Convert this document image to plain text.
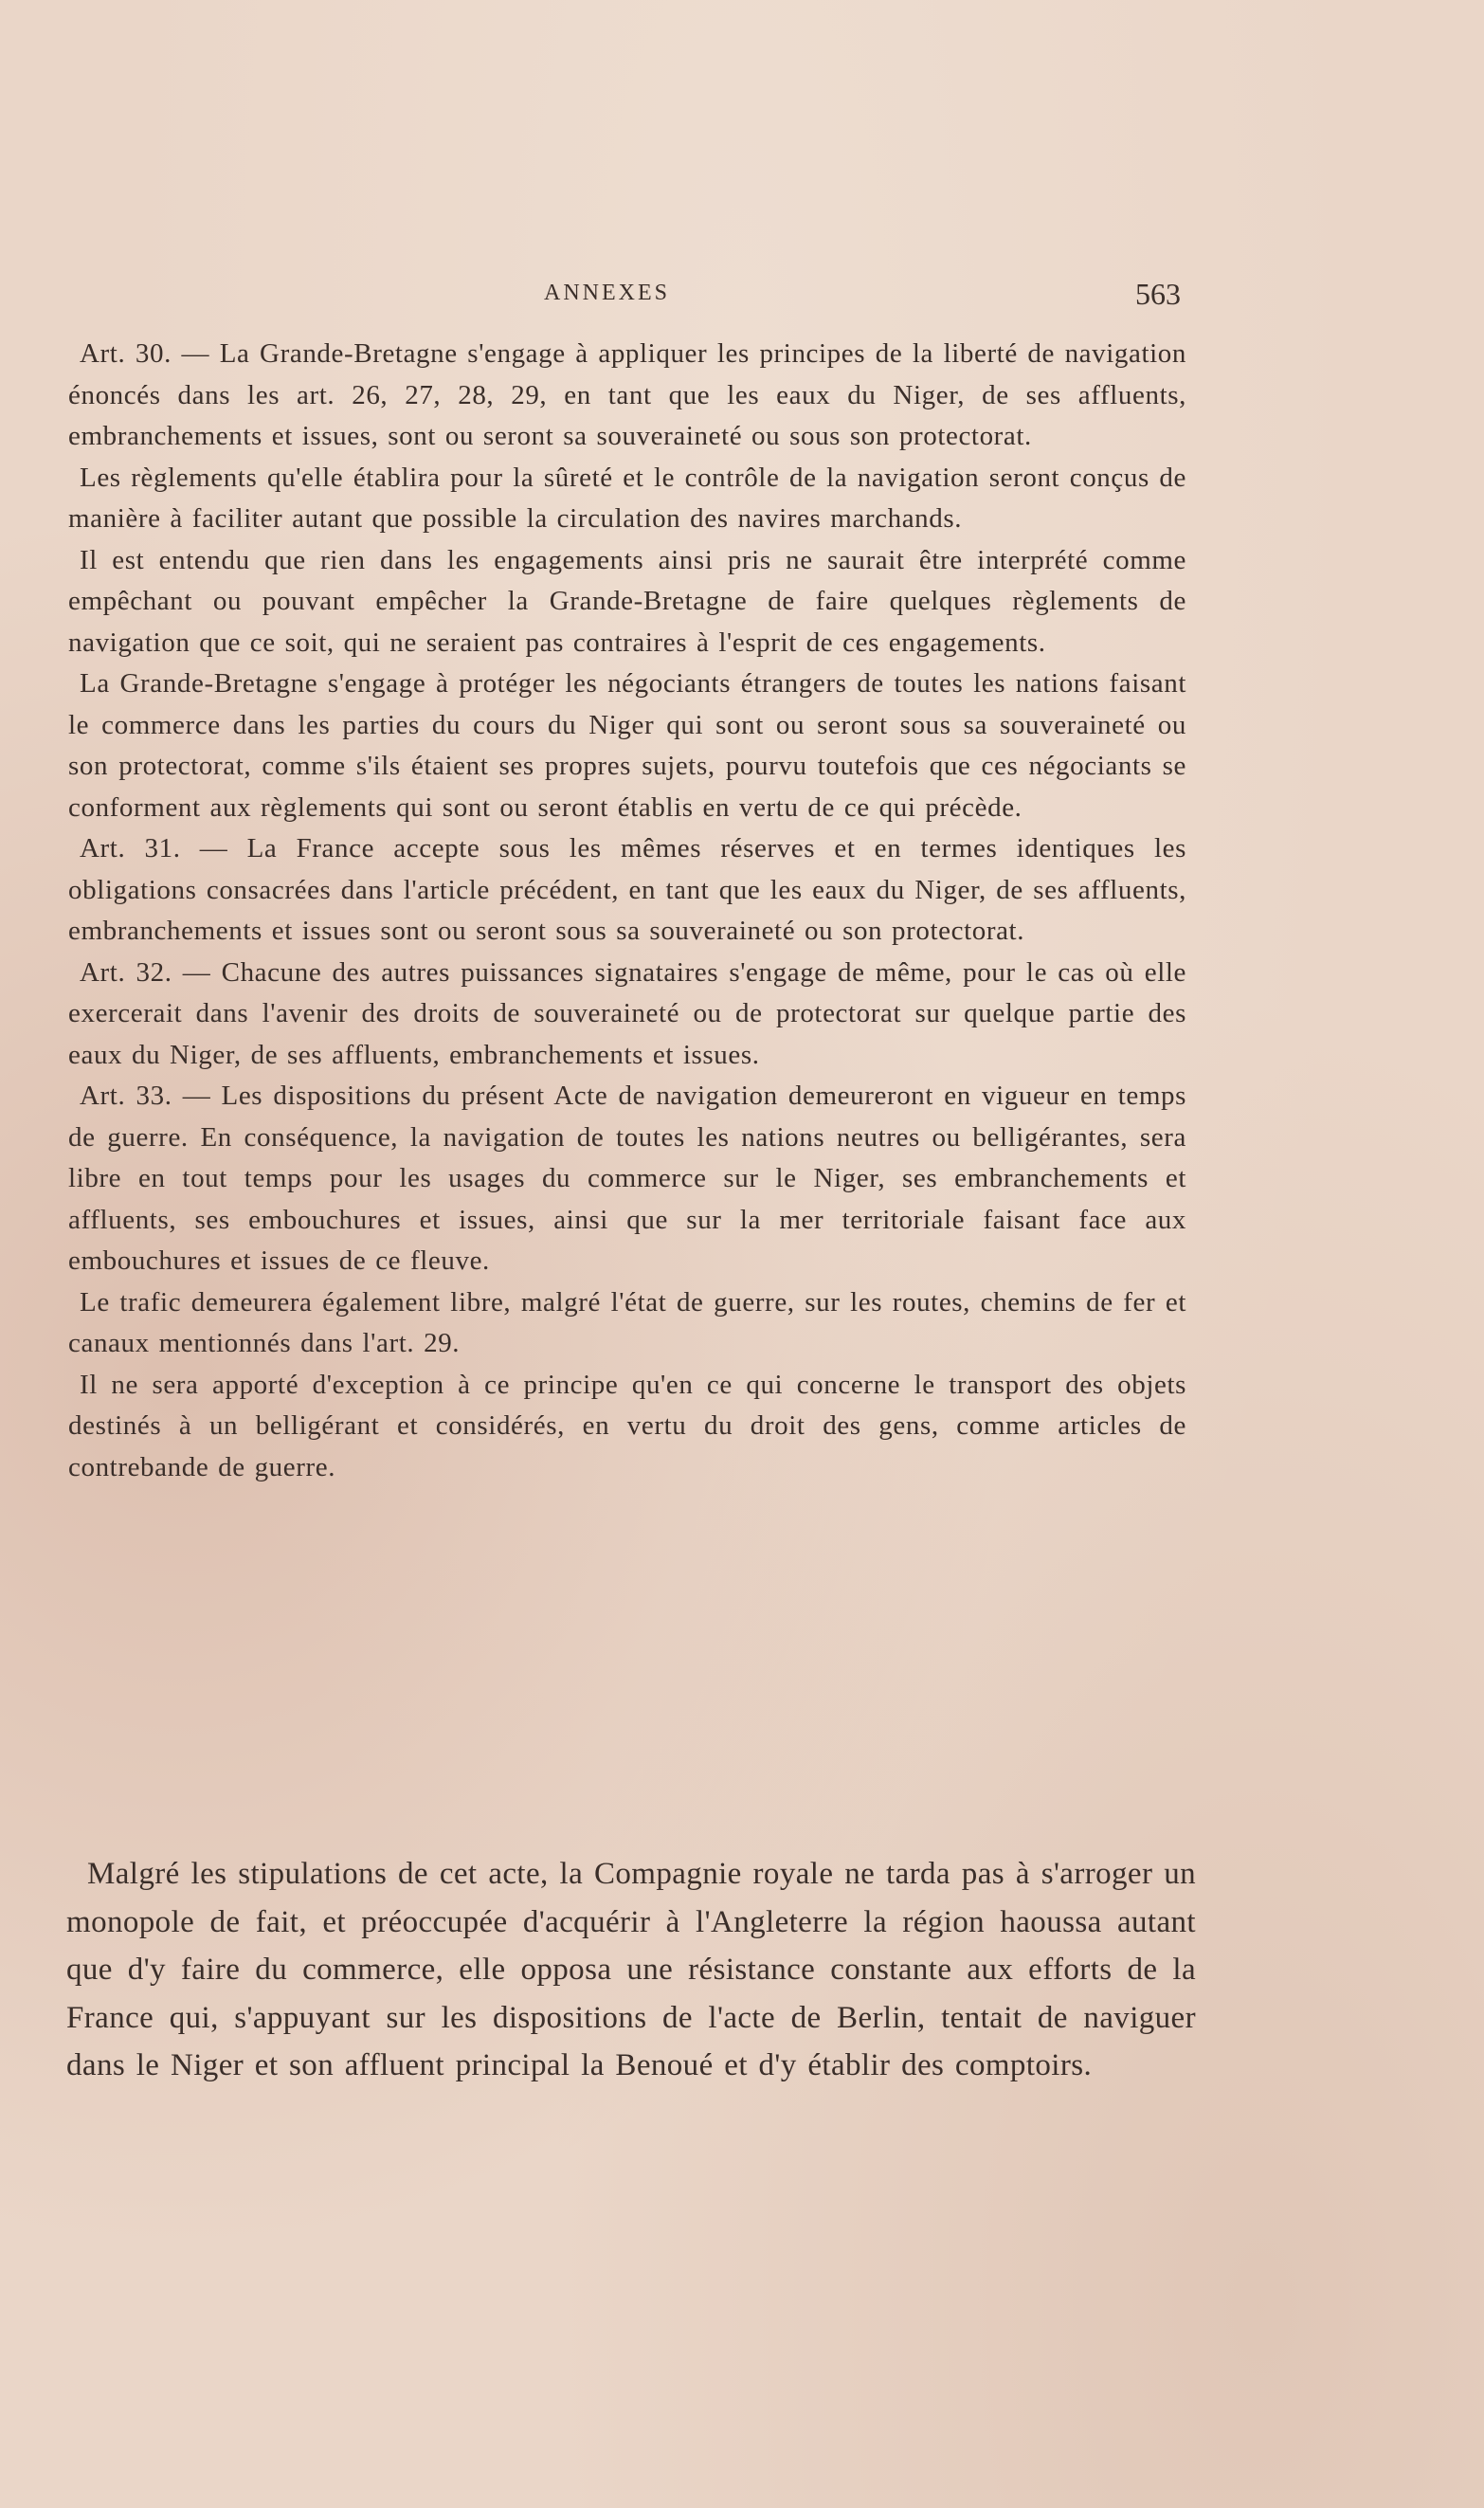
ANNEXES	563

Art. 30. — La Grande-Bretagne s'engage à appliquer les principes de la liberté de navigation énoncés dans les art. 26, 27, 28, 29, en tant que les eaux du Niger, de ses affluents, embranchements et issues, sont ou seront sa souveraineté ou sous son protectorat.

Les règlements qu'elle établira pour la sûreté et le contrôle de la navigation seront conçus de manière à faciliter autant que possible la circulation des navires marchands.

Il est entendu que rien dans les engagements ainsi pris ne saurait être interprété comme empêchant ou pouvant empêcher la Grande-Bretagne de faire quelques règlements de navigation que ce soit, qui ne seraient pas contraires à l'esprit de ces engagements.

La Grande-Bretagne s'engage à protéger les négociants étrangers de toutes les nations faisant le commerce dans les parties du cours du Niger qui sont ou seront sous sa souveraineté ou son protectorat, comme s'ils étaient ses propres sujets, pourvu toutefois que ces négociants se conforment aux règlements qui sont ou seront établis en vertu de ce qui précède.

Art. 31. — La France accepte sous les mêmes réserves et en termes identiques les obligations consacrées dans l'article précédent, en tant que les eaux du Niger, de ses affluents, embranchements et issues sont ou seront sous sa souveraineté ou son protectorat.

Art. 32. — Chacune des autres puissances signataires s'engage de même, pour le cas où elle exercerait dans l'avenir des droits de souveraineté ou de protectorat sur quelque partie des eaux du Niger, de ses affluents, embranchements et issues.

Art. 33. — Les dispositions du présent Acte de navigation demeureront en vigueur en temps de guerre. En conséquence, la navigation de toutes les nations neutres ou belligérantes, sera libre en tout temps pour les usages du commerce sur le Niger, ses embranchements et affluents, ses embouchures et issues, ainsi que sur la mer territoriale faisant face aux embouchures et issues de ce fleuve.

Le trafic demeurera également libre, malgré l'état de guerre, sur les routes, chemins de fer et canaux mentionnés dans l'art. 29.

Il ne sera apporté d'exception à ce principe qu'en ce qui concerne le transport des objets destinés à un belligérant et considérés, en vertu du droit des gens, comme articles de contrebande de guerre.

Malgré les stipulations de cet acte, la Compagnie royale ne tarda pas à s'arroger un monopole de fait, et préoccupée d'acquérir à l'Angleterre la région haoussa autant que d'y faire du commerce, elle opposa une résistance constante aux efforts de la France qui, s'appuyant sur les dispositions de l'acte de Berlin, tentait de naviguer dans le Niger et son affluent principal la Benoué et d'y établir des comptoirs.
